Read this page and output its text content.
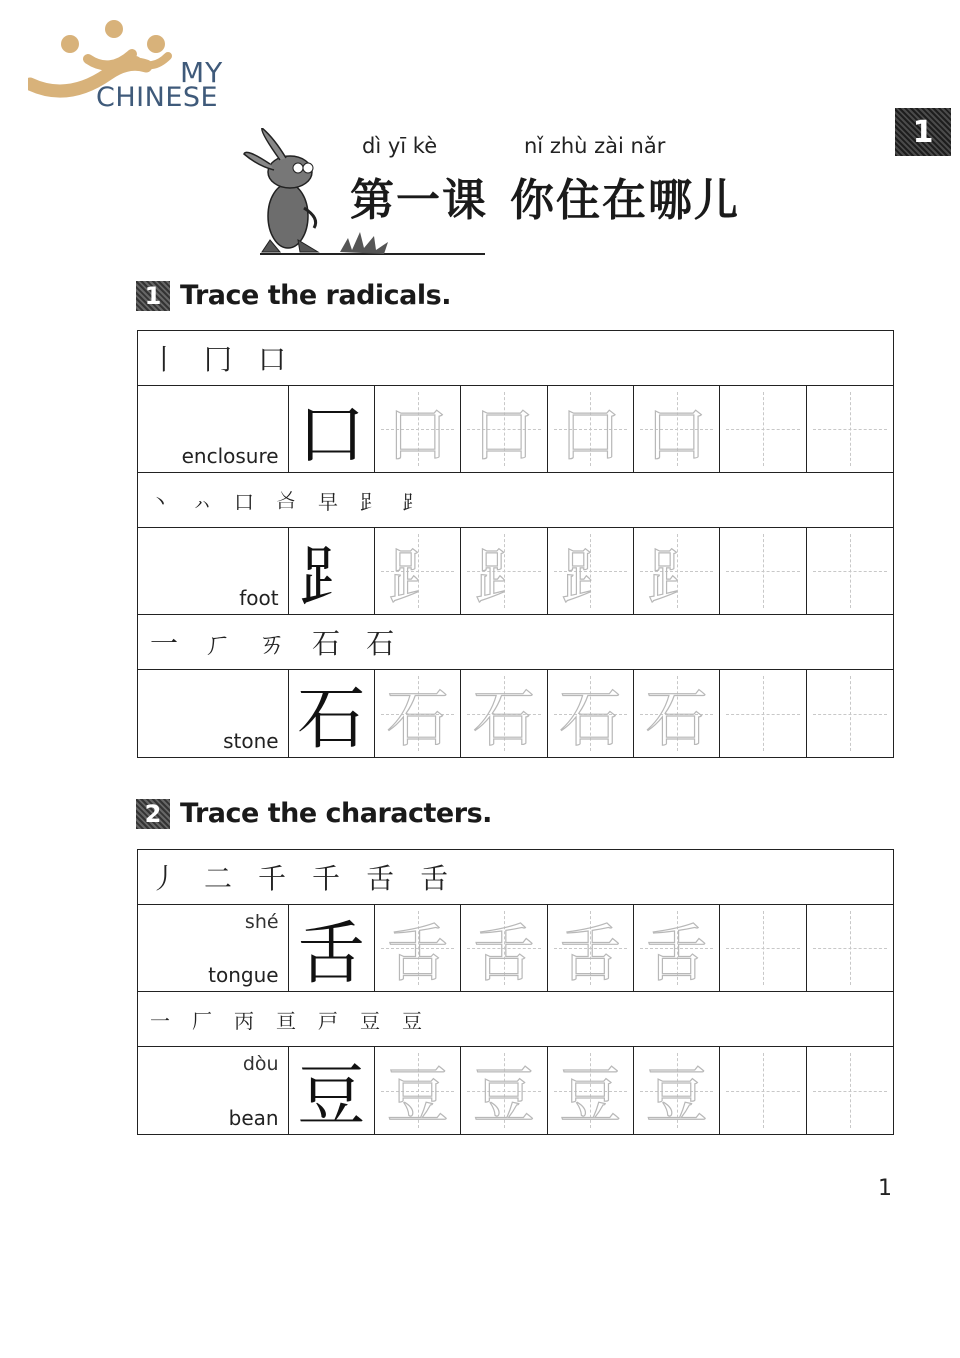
MY
CHINESE
1
dì yī kè
第一课
nǐ zhù zài nǎr
你住在哪儿
1 Trace the radicals.
丨 冂 口
enclosure 口 口 口 口 口
丶 ㇵ 口 𠮣 早 𧾷 ⻊
foot ⻊ ⻊ ⻊ ⻊ ⻊
一 ㄏ ㄞ 石 石
stone 石 石 石 石 石
2 Trace the characters.
丿 二 千 千 舌 舌
shé
tongue 舌 舌 舌 舌 舌
一 厂 丙 亘 戸 豆 豆
dòu
bean 豆 豆 豆 豆 豆
1
